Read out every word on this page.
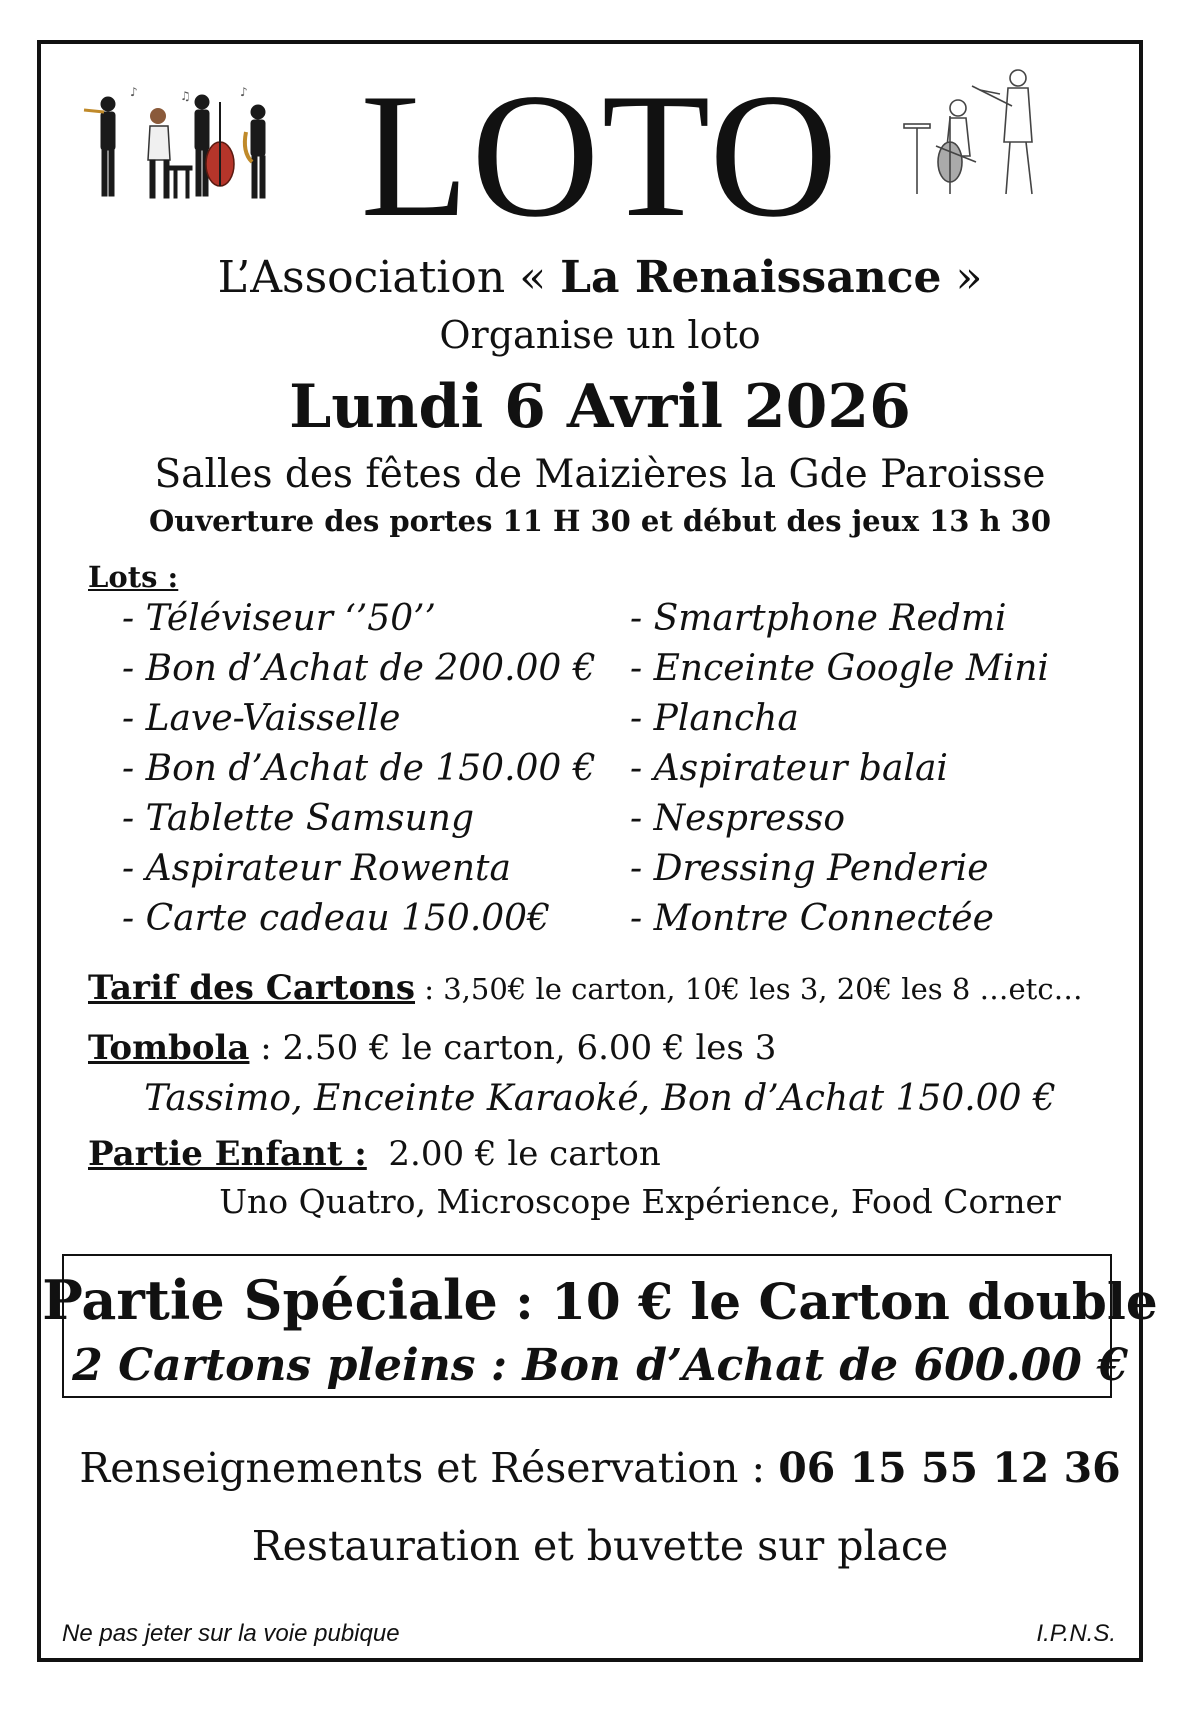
♪	♫	♪ LOTO
L’Association « La Renaissance »
Organise un loto
Lundi 6 Avril 2026
Salles des fêtes de Maizières la Gde Paroisse
Ouverture des portes 11 H 30 et début des jeux 13 h 30
Lots :
- Téléviseur ‘’50’’
- Bon d’Achat de 200.00 €
- Lave-Vaisselle
- Bon d’Achat de 150.00 €
- Tablette Samsung
- Aspirateur Rowenta
- Carte cadeau 150.00€
- Smartphone Redmi
- Enceinte Google Mini
- Plancha
- Aspirateur balai
- Nespresso
- Dressing Penderie
- Montre Connectée
Tarif des Cartons : 3,50€ le carton, 10€ les 3, 20€ les 8 …etc…
Tombola : 2.50 € le carton, 6.00 € les 3
Tassimo, Enceinte Karaoké, Bon d’Achat 150.00 €
Partie Enfant :  2.00 € le carton
Uno Quatro, Microscope Expérience, Food Corner
Partie Spéciale : 10 € le Carton double
2 Cartons pleins : Bon d’Achat de 600.00 €
Renseignements et Réservation : 06 15 55 12 36
Restauration et buvette sur place
Ne pas jeter sur la voie pubique	I.P.N.S.
